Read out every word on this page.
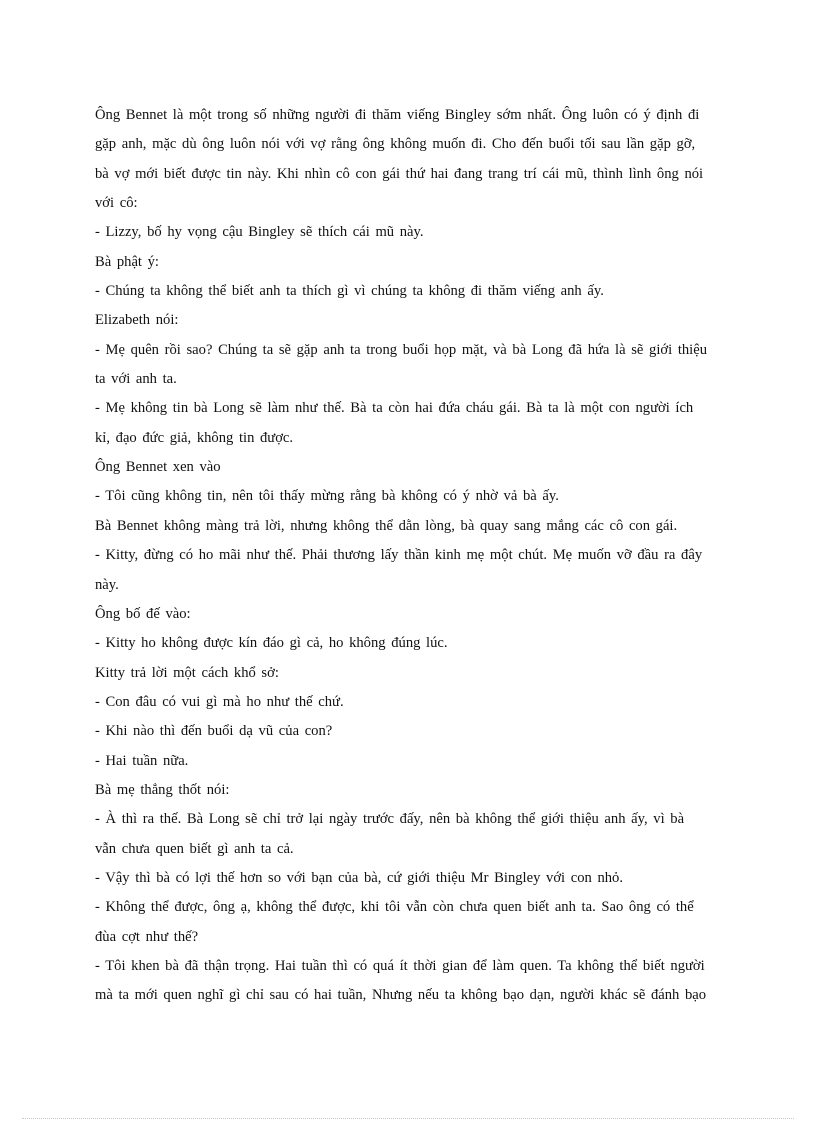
Ông Bennet là một trong số những người đi thăm viếng Bingley sớm nhất. Ông luôn có ý định đi
gặp anh, mặc dù ông luôn nói với vợ rằng ông không muốn đi. Cho đến buổi tối sau lần gặp gỡ,
bà vợ mới biết được tin này. Khi nhìn cô con gái thứ hai đang trang trí cái mũ, thình lình ông nói
với cô:
- Lizzy, bố hy vọng cậu Bingley sẽ thích cái mũ này.
Bà phật ý:
- Chúng ta không thể biết anh ta thích gì vì chúng ta không đi thăm viếng anh ấy.
Elizabeth nói:
- Mẹ quên rồi sao? Chúng ta sẽ gặp anh ta trong buổi họp mặt, và bà Long đã hứa là sẽ giới thiệu
ta với anh ta.
- Mẹ không tin bà Long sẽ làm như thế. Bà ta còn hai đứa cháu gái. Bà ta là một con người ích
kỉ, đạo đức giả, không tin được.
Ông Bennet xen vào
- Tôi cũng không tin, nên tôi thấy mừng rằng bà không có ý nhờ vả bà ấy.
Bà Bennet không màng trả lời, nhưng không thể dằn lòng, bà quay sang mắng các cô con gái.
- Kitty, đừng có ho mãi như thế. Phải thương lấy thần kinh mẹ một chút. Mẹ muốn vỡ đầu ra đây
này.
Ông bố đế vào:
- Kitty ho không được kín đáo gì cả, ho không đúng lúc.
Kitty trả lời một cách khổ sở:
- Con đâu có vui gì mà ho như thế chứ.
- Khi nào thì đến buổi dạ vũ của con?
- Hai tuần nữa.
Bà mẹ thẳng thốt nói:
- À thì ra thế. Bà Long sẽ chỉ trở lại ngày trước đấy, nên bà không thể giới thiệu anh ấy, vì bà
vẫn chưa quen biết gì anh ta cả.
- Vậy thì bà có lợi thế hơn so với bạn của bà, cứ giới thiệu Mr Bingley với con nhỏ.
- Không thể được, ông ạ, không thể được, khi tôi vẫn còn chưa quen biết anh ta. Sao ông có thể
đùa cợt như thế?
- Tôi khen bà đã thận trọng. Hai tuần thì có quá ít thời gian để làm quen. Ta không thể biết người
mà ta mới quen nghĩ gì chỉ sau có hai tuần, Nhưng nếu ta không bạo dạn, người khác sẽ đánh bạo
